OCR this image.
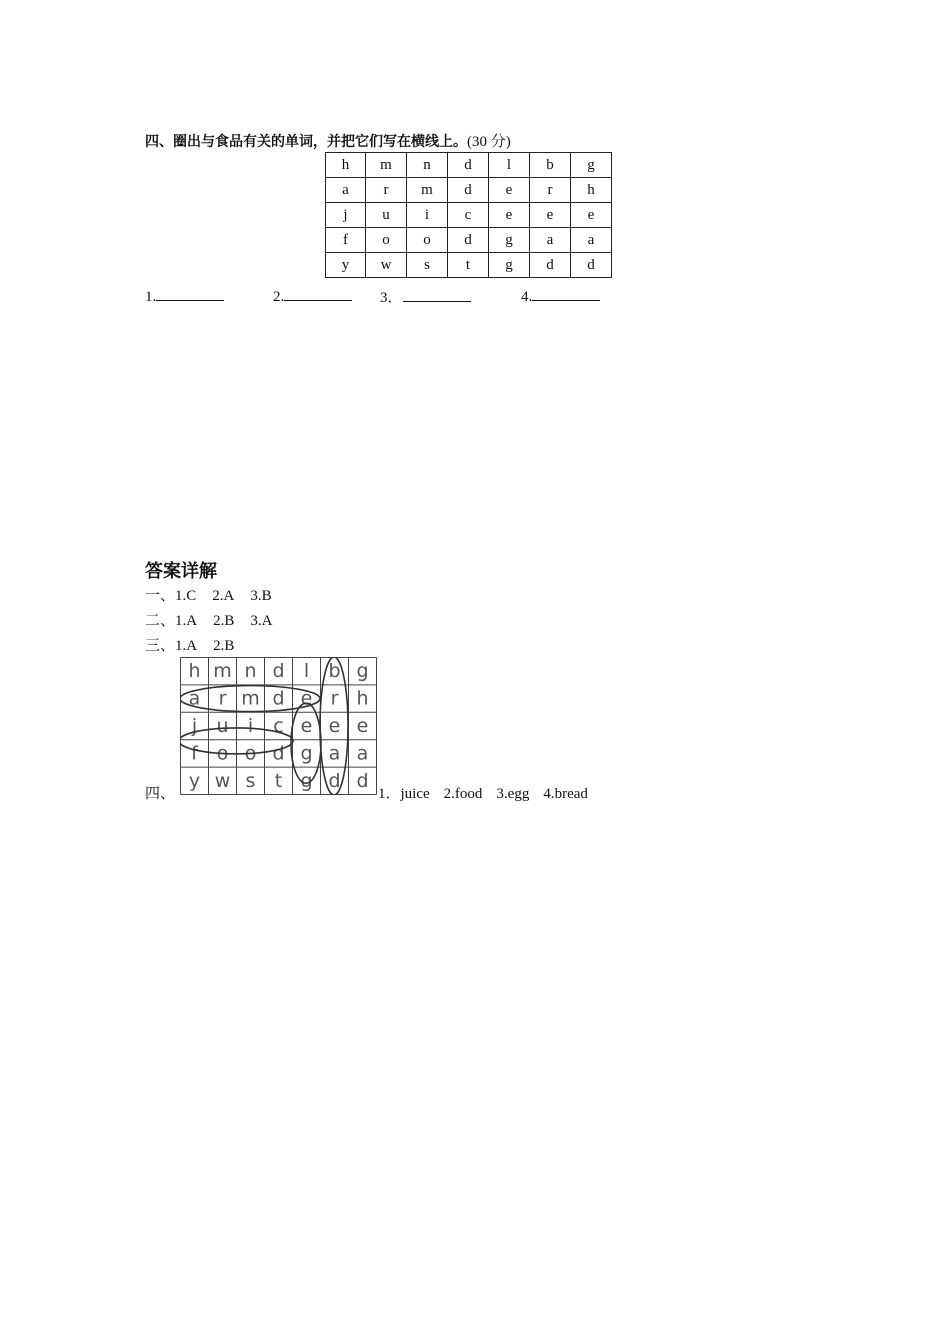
四、圈出与食品有关的单词，并把它们写在横线上。(30 分)
h	m	n	d	l	b	g
a	r	m	d	e	r	h
j	u	i	c	e	e	e
f	o	o	d	g	a	a
y	w	s	t	g	d	d
1.	2.	3．	4.
答案详解
一、1.C 2.A 3.B
二、1.A 2.B 3.A
三、1.A 2.B
h m n d l b g
a r m d e r h
j u i c e e e
f o o d g a a
y w s t g d d
四、	1．juice 2.food 3.egg 4.bread
